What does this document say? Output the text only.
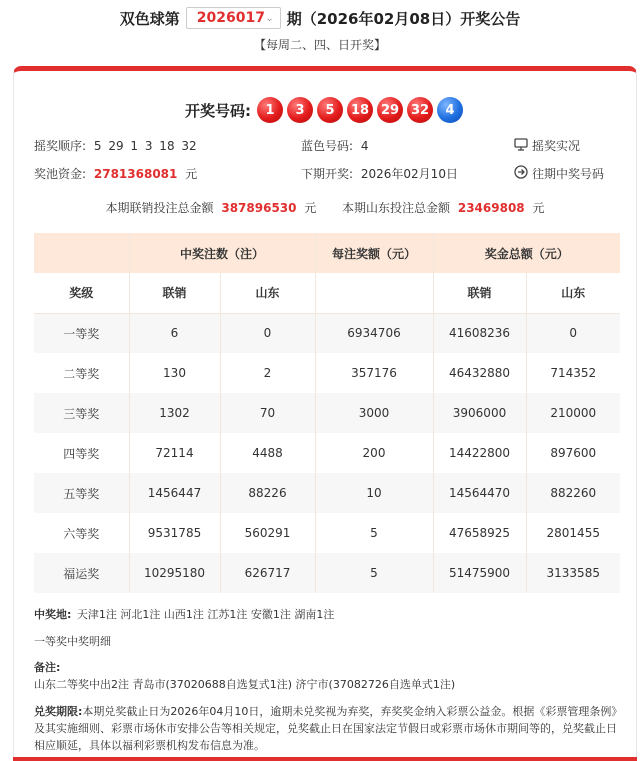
双色球第 2026017 ⌄ 期（2026年02月08日）开奖公告
【每周二、四、日开奖】
开奖号码:	1	3	5	18 29 32	4
摇奖顺序: 5 29 1 3 18 32	蓝色号码: 4	摇奖实况
奖池资金: 2781368081 元	下期开奖: 2026年02月10日	往期中奖号码
本期联销投注总金额 387896530 元 本期山东投注总金额 23469808 元
	中奖注数（注）		每注奖额（元）	奖金总额（元）	
奖级	联销	山东		联销	山东
一等奖	6	0	6934706	41608236	0
二等奖	130	2	357176	46432880	714352
三等奖	1302	70	3000	3906000	210000
四等奖	72114	4488	200	14422800	897600
五等奖	1456447	88226	10	14564470	882260
六等奖	9531785	560291	5	47658925	2801455
福运奖	10295180	626717	5	51475900	3133585
中奖地: 天津1注 河北1注 山西1注 江苏1注 安徽1注 湖南1注
一等奖中奖明细
备注:
山东二等奖中出2注 青岛市(37020688自选复式1注) 济宁市(37082726自选单式1注)
兑奖期限:本期兑奖截止日为2026年04月10日，逾期未兑奖视为弃奖，弃奖奖金纳入彩票公益金。根据《彩票管理条例》及其实施细则、彩票市场休市安排公告等相关规定，兑奖截止日在国家法定节假日或彩票市场休市期间等的，兑奖截止日相应顺延，具体以福利彩票机构发布信息为准。
